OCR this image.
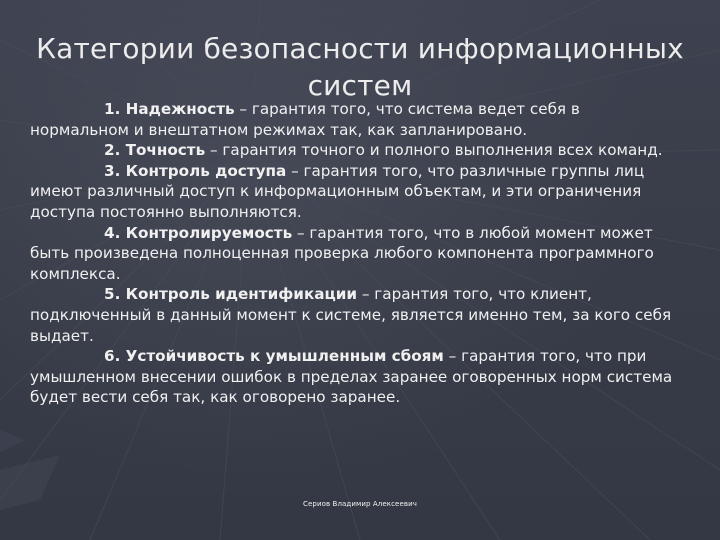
Категории безопасности информационных систем

1. Надежность – гарантия того, что система ведет себя в нормальном и внештатном режимах так, как запланировано.

2. Точность – гарантия точного и полного выполнения всех команд.

3. Контроль доступа – гарантия того, что различные группы лиц имеют различный доступ к информационным объектам, и эти ограничения доступа постоянно выполняются.

4. Контролируемость – гарантия того, что в любой момент может быть произведена полноценная проверка любого компонента программного комплекса.

5. Контроль идентификации – гарантия того, что клиент, подключенный в данный момент к системе, является именно тем, за кого себя выдает.

6. Устойчивость к умышленным сбоям – гарантия того, что при умышленном внесении ошибок в пределах заранее оговоренных норм система будет вести себя так, как оговорено заранее.

Сериов Владимир Алексеевич
